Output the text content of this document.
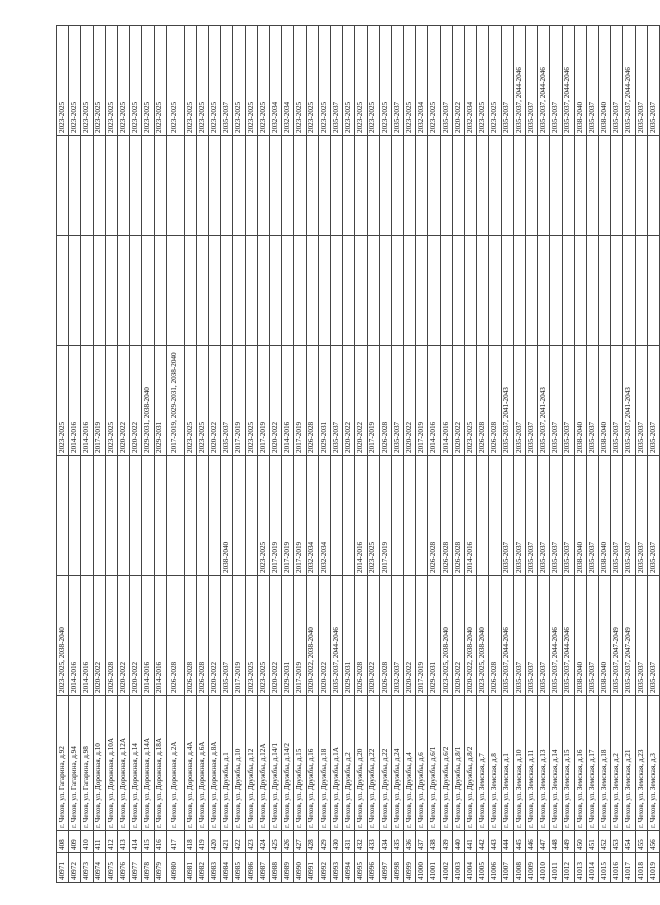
40971	408	г. Чехов, ул. Гагарина, д.92	2023-2025, 2038-2040		2023-2025			2023-2025
40972	409	г. Чехов, ул. Гагарина, д.94	2014-2016		2014-2016			2023-2025
40973	410	г. Чехов, ул. Гагарина, д.98	2014-2016		2014-2016			2023-2025
40974	411	г. Чехов, ул. Дорожная, д.10	2020-2022		2017-2019			2023-2025
40975	412	г. Чехов, ул. Дорожная, д.10А	2026-2028		2023-2025			2023-2025
40976	413	г. Чехов, ул. Дорожная, д.12А	2020-2022		2020-2022			2023-2025
40977	414	г. Чехов, ул. Дорожная, д.14	2020-2022		2020-2022			2023-2025
40978	415	г. Чехов, ул. Дорожная, д.14А	2014-2016		2029-2031, 2038-2040			2023-2025
40979	416	г. Чехов, ул. Дорожная, д.18А	2014-2016		2029-2031			2023-2025
40980	417	г. Чехов, ул. Дорожная, д.2А	2026-2028		2017-2019, 2029-2031, 2038-2040			2023-2025
40981	418	г. Чехов, ул. Дорожная, д.4А	2026-2028		2023-2025			2023-2025
40982	419	г. Чехов, ул. Дорожная, д.6А	2026-2028		2023-2025			2023-2025
40983	420	г. Чехов, ул. Дорожная, д.8А	2020-2022		2020-2022			2023-2025
40984	421	г. Чехов, ул. Дружбы, д.1	2035-2037	2038-2040	2035-2037			2035-2037
40985	422	г. Чехов, ул. Дружбы, д.10	2017-2019		2017-2019			2023-2025
40986	423	г. Чехов, ул. Дружбы, д.12	2023-2025		2023-2025			2023-2025
40987	424	г. Чехов, ул. Дружбы, д.12А	2023-2025	2023-2025	2017-2019			2023-2025
40988	425	г. Чехов, ул. Дружбы, д.14/1	2020-2022	2017-2019	2020-2022			2032-2034
40989	426	г. Чехов, ул. Дружбы, д.14/2	2029-2031	2017-2019	2014-2016			2032-2034
40990	427	г. Чехов, ул. Дружбы, д.15	2017-2019	2017-2019	2017-2019			2023-2025
40991	428	г. Чехов, ул. Дружбы, д.16	2020-2022, 2038-2040	2032-2034	2026-2028			2023-2025
40992	429	г. Чехов, ул. Дружбы, д.18	2020-2022	2032-2034	2029-2031			2023-2025
40993	430	г. Чехов, ул. Дружбы, д.1А	2035-2037, 2044-2046		2035-2037			2035-2037
40994	431	г. Чехов, ул. Дружбы, д.2	2029-2031		2020-2022			2023-2025
40995	432	г. Чехов, ул. Дружбы, д.20	2026-2028	2014-2016	2020-2022			2023-2025
40996	433	г. Чехов, ул. Дружбы, д.22	2020-2022	2023-2025	2017-2019			2023-2025
40997	434	г. Чехов, ул. Дружбы, д.22	2026-2028	2017-2019	2026-2028			2023-2025
40998	435	г. Чехов, ул. Дружбы, д.24	2032-2037		2035-2037			2035-2037
40999	436	г. Чехов, ул. Дружбы, д.4	2020-2022		2020-2022			2023-2025
41000	437	г. Чехов, ул. Дружбы, д.6	2017-2019		2017-2019			2032-2034
41001	438	г. Чехов, ул. Дружбы, д.6/1	2029-2031	2026-2028	2014-2016			2023-2025
41002	439	г. Чехов, ул. Дружбы, д.6/2	2023-2025, 2038-2040	2026-2028	2014-2016			2035-2037
41003	440	г. Чехов, ул. Дружбы, д.8/1	2020-2022	2026-2028	2020-2022			2020-2022
41004	441	г. Чехов, ул. Дружбы, д.8/2	2020-2022, 2038-2040	2014-2016	2023-2025			2032-2034
41005	442	г. Чехов, ул. Земская, д.7	2023-2025, 2038-2040		2026-2028			2023-2025
41006	443	г. Чехов, ул. Земская, д.8	2026-2028		2026-2028			2023-2025
41007	444	г. Чехов, ул. Земская, д.1	2035-2037, 2044-2046	2035-2037	2035-2037, 2041-2043			2035-2037
41008	445	г. Чехов, ул. Земская, д.10	2035-2037	2035-2037	2035-2037			2035-2037, 2044-2046
41009	446	г. Чехов, ул. Земская, д.11	2035-2037	2035-2037	2035-2037			2035-2037
41010	447	г. Чехов, ул. Земская, д.13	2035-2037	2035-2037	2035-2037, 2041-2043			2035-2037, 2044-2046
41011	448	г. Чехов, ул. Земская, д.14	2035-2037, 2044-2046	2035-2037	2035-2037			2035-2037
41012	449	г. Чехов, ул. Земская, д.15	2035-2037, 2044-2046	2035-2037	2035-2037			2035-2037, 2044-2046
41013	450	г. Чехов, ул. Земская, д.16	2038-2040	2038-2040	2038-2040			2038-2040
41014	451	г. Чехов, ул. Земская, д.17	2035-2037	2035-2037	2035-2037			2035-2037
41015	452	г. Чехов, ул. Земская, д.18	2038-2040	2038-2040	2038-2040			2038-2040
41016	453	г. Чехов, ул. Земская, д.2	2035-2037, 2047-2049	2035-2037	2035-2037			2035-2037
41017	454	г. Чехов, ул. Земская, д.21	2035-2037, 2047-2049	2035-2037	2035-2037, 2041-2043			2035-2037, 2044-2046
41018	455	г. Чехов, ул. Земская, д.23	2035-2037	2035-2037	2035-2037			2035-2037
41019	456	г. Чехов, ул. Земская, д.3	2035-2037	2035-2037	2035-2037			2035-2037
